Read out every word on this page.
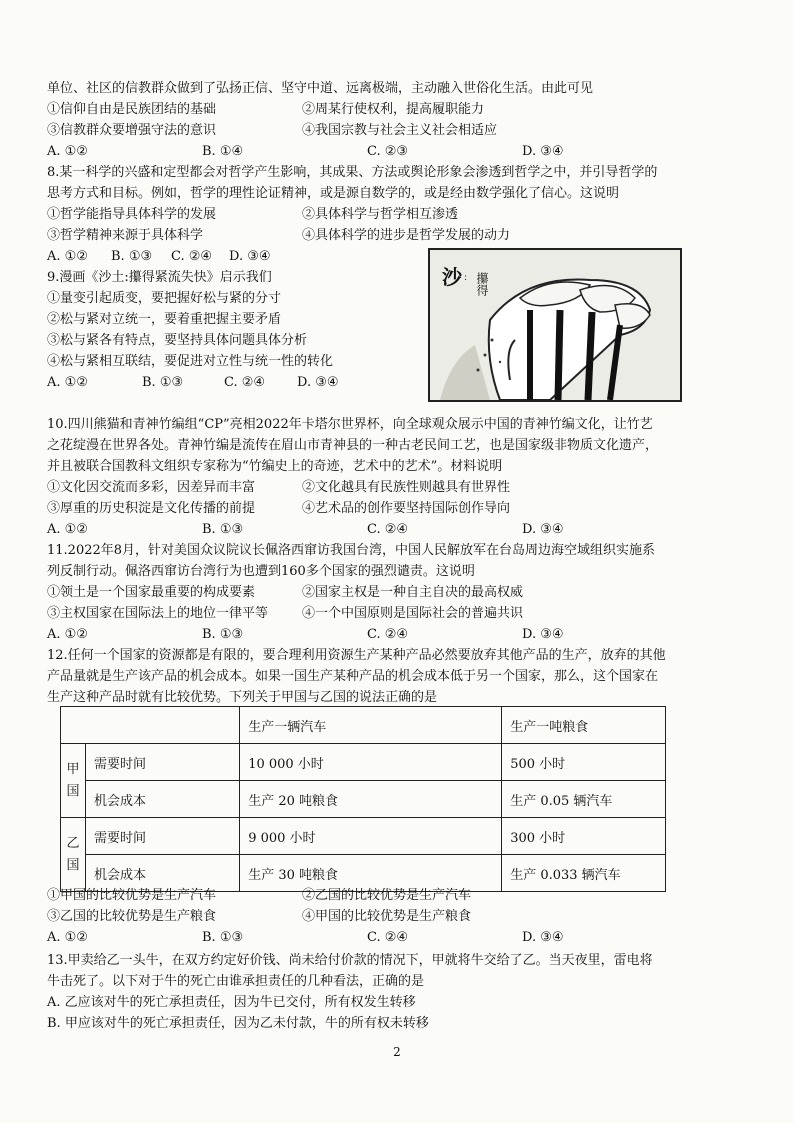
单位、社区的信教群众做到了弘扬正信、坚守中道、远离极端，主动融入世俗化生活。由此可见
①信仰自由是民族团结的基础	②周某行使权利，提高履职能力
③信教群众要增强守法的意识	④我国宗教与社会主义社会相适应
A. ①②	B. ①④	C. ②③	D. ③④
8.某一科学的兴盛和定型都会对哲学产生影响，其成果、方法或舆论形象会渗透到哲学之中，并引导哲学的
思考方式和目标。例如，哲学的理性论证精神，或是源自数学的，或是经由数学强化了信心。这说明
①哲学能指导具体科学的发展	②具体科学与哲学相互渗透
③哲学精神来源于具体科学	④具体科学的进步是哲学发展的动力
A. ①② B. ①③ C. ②④ D. ③④
9.漫画《沙土:攥得紧流失快》启示我们
①量变引起质变，要把握好松与紧的分寸
②松与紧对立统一，要着重把握主要矛盾
③松与紧各有特点，要坚持具体问题具体分析
④松与紧相互联结，要促进对立性与统一性的转化
A. ①②	B. ①③	C. ②④ D. ③④
沙 : 攥得
10.四川熊猫和青神竹编组“CP”亮相2022年卡塔尔世界杯，向全球观众展示中国的青神竹编文化，让竹艺
之花绽漫在世界各处。青神竹编是流传在眉山市青神县的一种古老民间工艺，也是国家级非物质文化遗产，
并且被联合国教科文组织专家称为“竹编史上的奇迹，艺术中的艺术”。材料说明
①文化因交流而多彩，因差异而丰富	②文化越具有民族性则越具有世界性
③厚重的历史积淀是文化传播的前提	④艺术品的创作要坚持国际创作导向
A. ①②	B. ①③	C. ②④	D. ③④
11.2022年8月，针对美国众议院议长佩洛西窜访我国台湾，中国人民解放军在台岛周边海空域组织实施系
列反制行动。佩洛西窜访台湾行为也遭到160多个国家的强烈谴责。这说明
①领土是一个国家最重要的构成要素	②国家主权是一种自主自决的最高权威
③主权国家在国际法上的地位一律平等	④一个中国原则是国际社会的普遍共识
A. ①②	B. ①③	C. ②④	D. ③④
12.任何一个国家的资源都是有限的，要合理利用资源生产某种产品必然要放弃其他产品的生产，放弃的其他
产品量就是生产该产品的机会成本。如果一国生产某种产品的机会成本低于另一个国家，那么，这个国家在
生产这种产品时就有比较优势。下列关于甲国与乙国的说法正确的是
		生产一辆汽车	生产一吨粮食
甲国	需要时间	10 000 小时	500 小时
	机会成本	生产 20 吨粮食	生产 0.05 辆汽车
乙国	需要时间	9 000 小时	300 小时
	机会成本	生产 30 吨粮食	生产 0.033 辆汽车
①甲国的比较优势是生产汽车	②乙国的比较优势是生产汽车
③乙国的比较优势是生产粮食	④甲国的比较优势是生产粮食
A. ①②	B. ①③	C. ②④	D. ③④
13.甲卖给乙一头牛，在双方约定好价钱、尚未给付价款的情况下，甲就将牛交给了乙。当天夜里，雷电将
牛击死了。以下对于牛的死亡由谁承担责任的几种看法，正确的是
A. 乙应该对牛的死亡承担责任，因为牛已交付，所有权发生转移
B. 甲应该对牛的死亡承担责任，因为乙未付款，牛的所有权未转移
2
